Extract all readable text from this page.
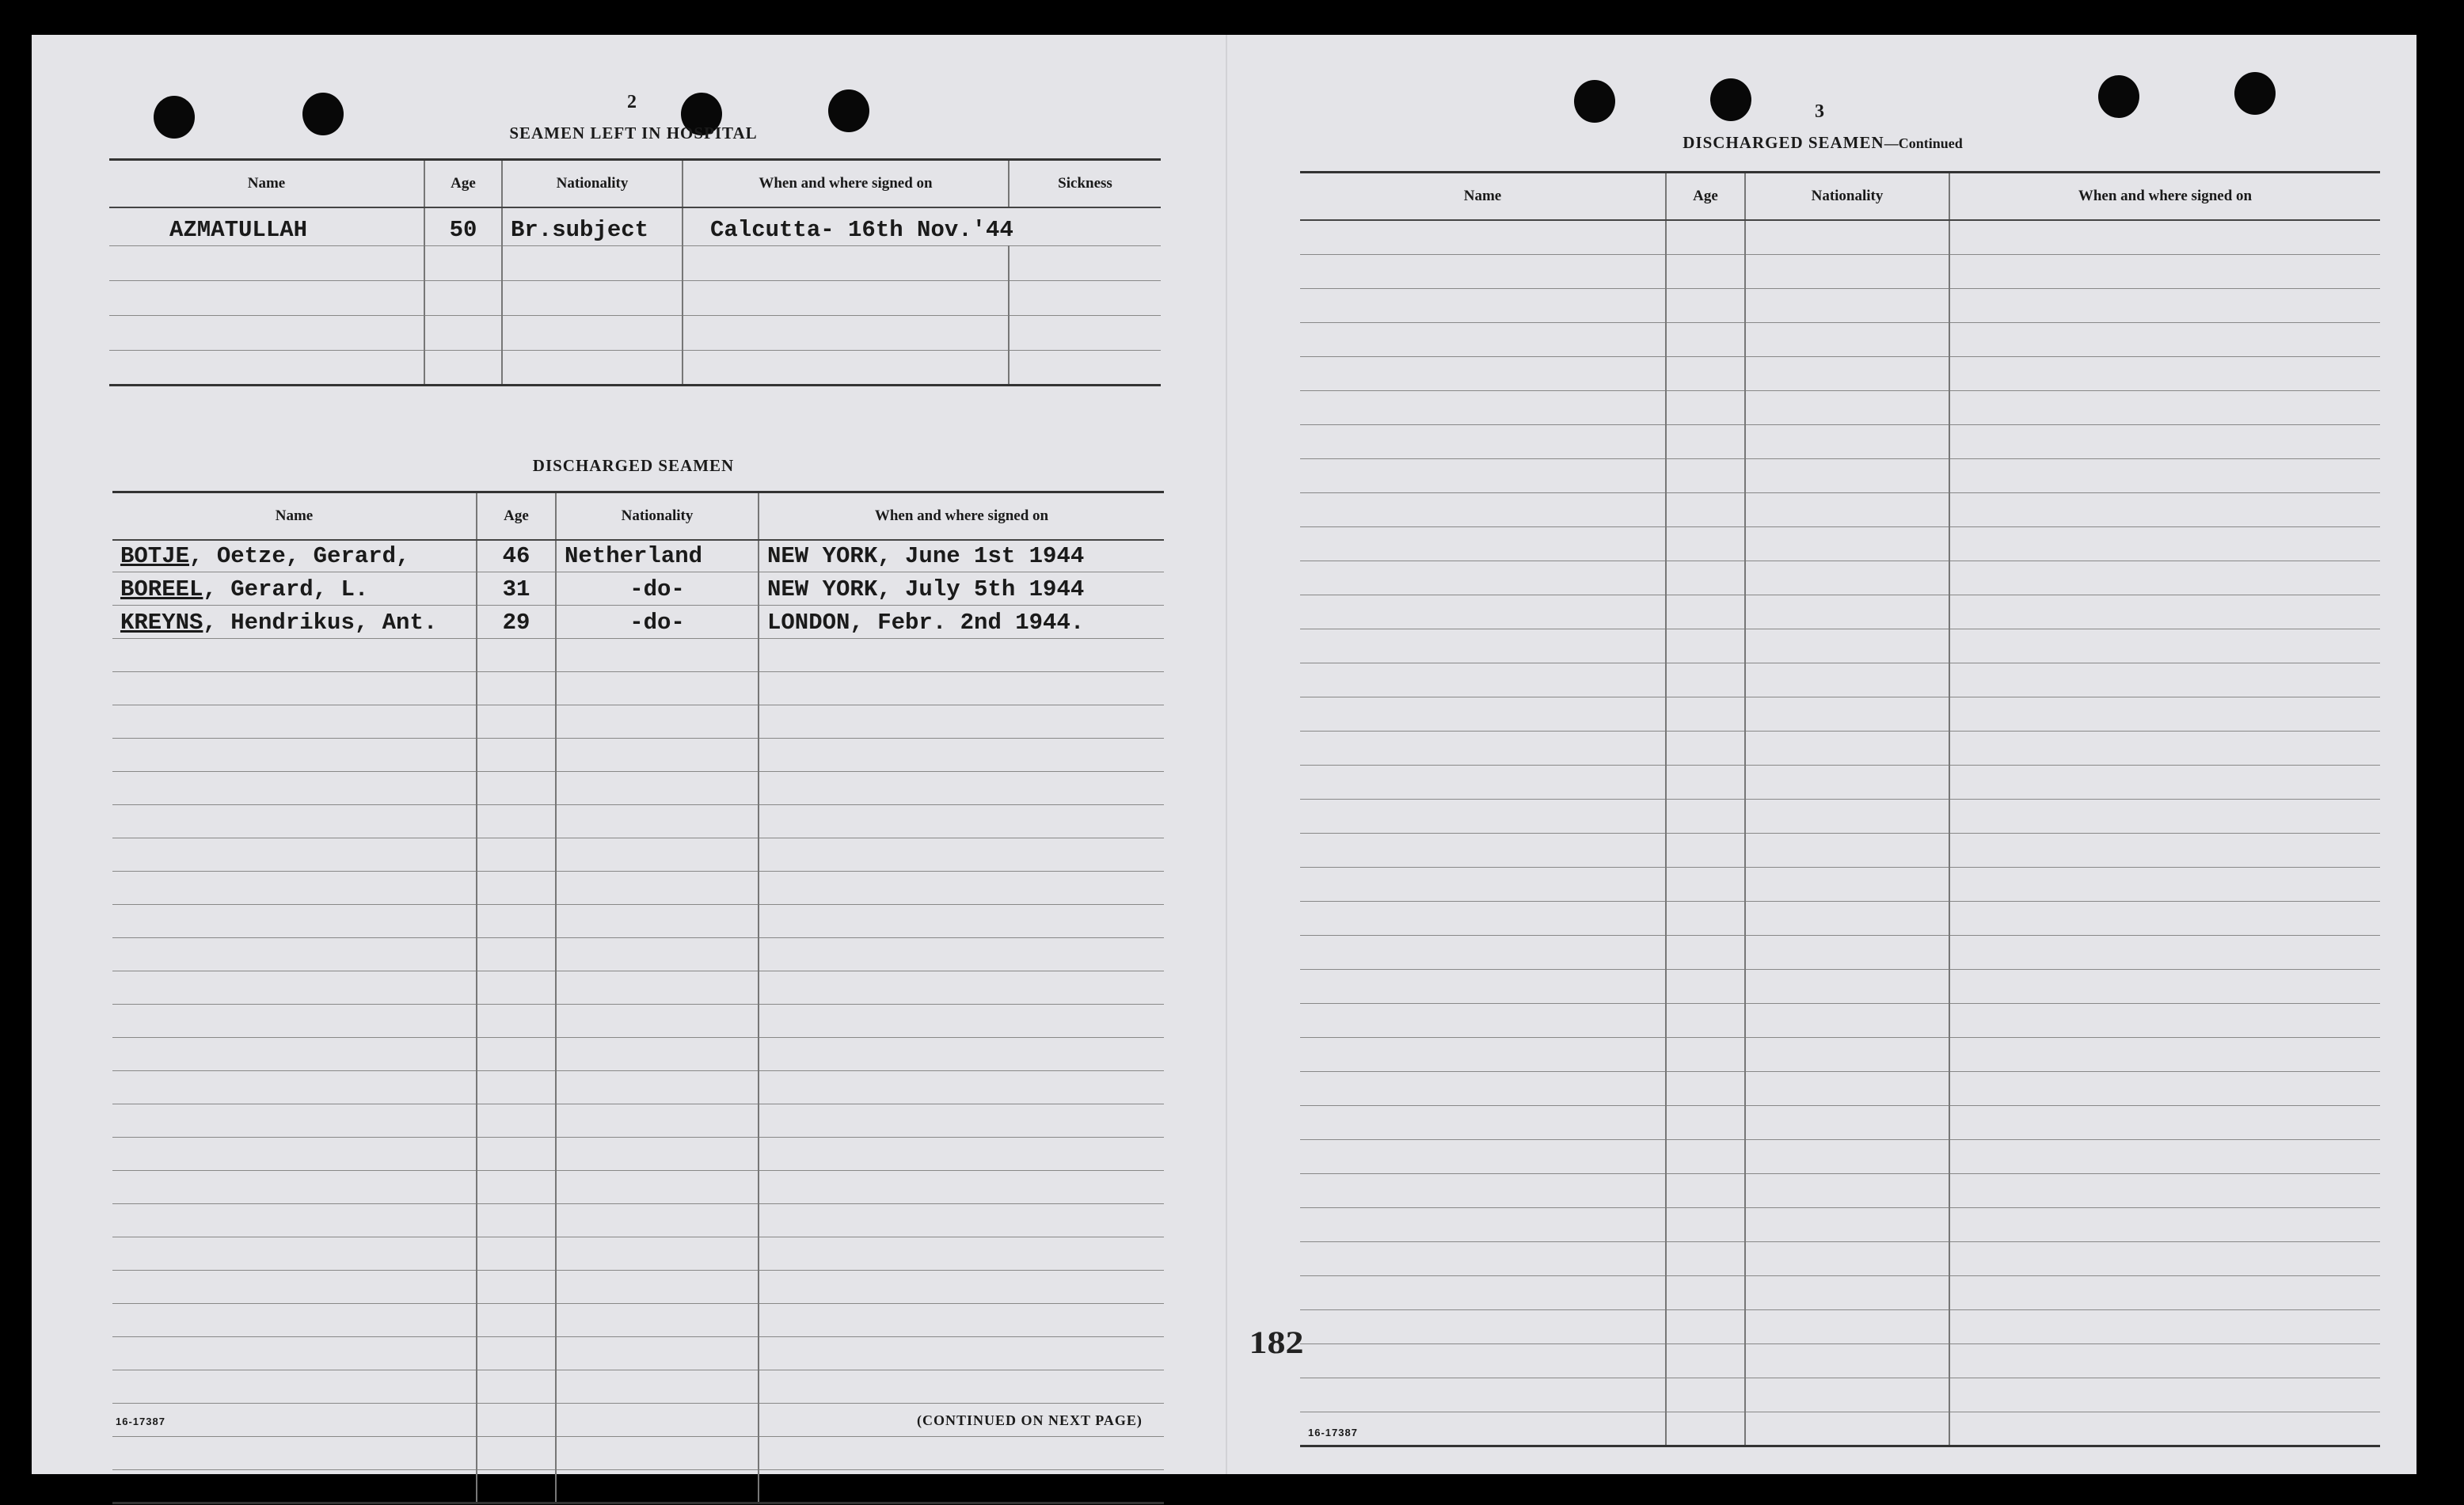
2
SEAMEN LEFT IN HOSPITAL
Name	Age	Nationality	When and where signed on	Sickness
AZMATULLAH	50	Br.subject	Calcutta- 16th Nov.'44	

DISCHARGED SEAMEN
Name	Age	Nationality	When and where signed on
BOTJE, Oetze, Gerard,	46	Netherland	NEW YORK, June 1st 1944
BOREEL, Gerard, L.	31	-do-	NEW YORK, July 5th 1944
KREYNS, Hendrikus, Ant.	29	-do-	LONDON, Febr. 2nd 1944.

16-17387	(CONTINUED ON NEXT PAGE)
3
DISCHARGED SEAMEN—Continued
Name	Age	Nationality	When and where signed on

182
16-17387
